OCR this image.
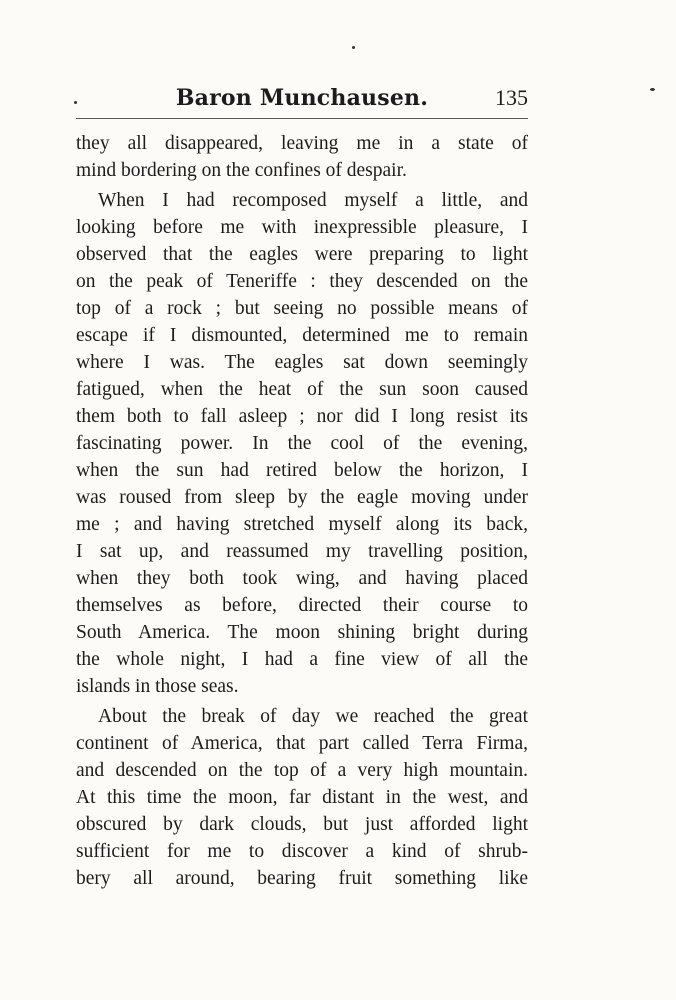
Baron Munchausen.	135
they all disappeared, leaving me in a state of
mind bordering on the confines of despair.
When I had recomposed myself a little, and
looking before me with inexpressible pleasure, I
observed that the eagles were preparing to light
on the peak of Teneriffe : they descended on the
top of a rock ; but seeing no possible means of
escape if I dismounted, determined me to remain
where I was. The eagles sat down seemingly
fatigued, when the heat of the sun soon caused
them both to fall asleep ; nor did I long resist its
fascinating power. In the cool of the evening,
when the sun had retired below the horizon, I
was roused from sleep by the eagle moving under
me ; and having stretched myself along its back,
I sat up, and reassumed my travelling position,
when they both took wing, and having placed
themselves as before, directed their course to
South America. The moon shining bright during
the whole night, I had a fine view of all the
islands in those seas.
About the break of day we reached the great
continent of America, that part called Terra Firma,
and descended on the top of a very high mountain.
At this time the moon, far distant in the west, and
obscured by dark clouds, but just afforded light
sufficient for me to discover a kind of shrub-
bery all around, bearing fruit something like
